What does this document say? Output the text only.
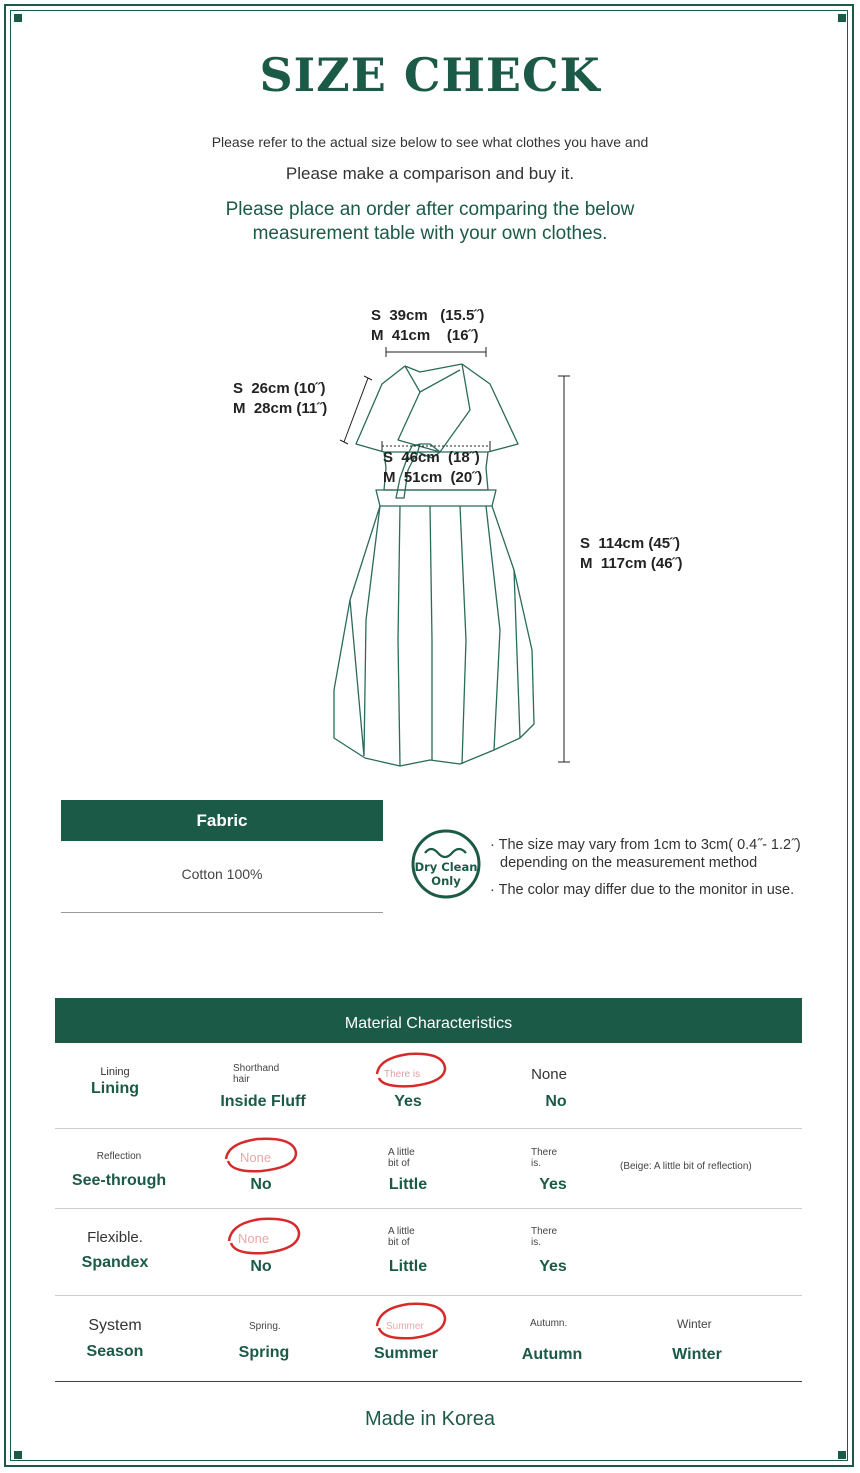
SIZE CHECK
Please refer to the actual size below to see what clothes you have and
Please make a comparison and buy it.
Please place an order after comparing the below
measurement table with your own clothes.
S  39cm   (15.5˝)
M  41cm    (16˝)
S  26cm (10˝)
M  28cm (11˝)
S  46cm  (18˝)
M  51cm  (20˝)
S  114cm (45˝)
M  117cm (46˝)
Fabric
Cotton 100%	Dry Clean
Only
· The size may vary from 1cm to 3cm( 0.4˝- 1.2˝)
depending on the measurement method
· The color may differ due to the monitor in use.
Material Characteristics
Lining
Lining
Shorthand hair
Inside Fluff
There is
Yes
None
No
Reflection
See-through
None
No
A little bit of
Little
There is.
Yes
(Beige: A little bit of reflection)
Flexible.
Spandex
None
No
A little bit of
Little
There is.
Yes
System
Season
Spring.
Spring
Summer
Summer
Autumn.
Autumn
Winter
Winter
Made in Korea
